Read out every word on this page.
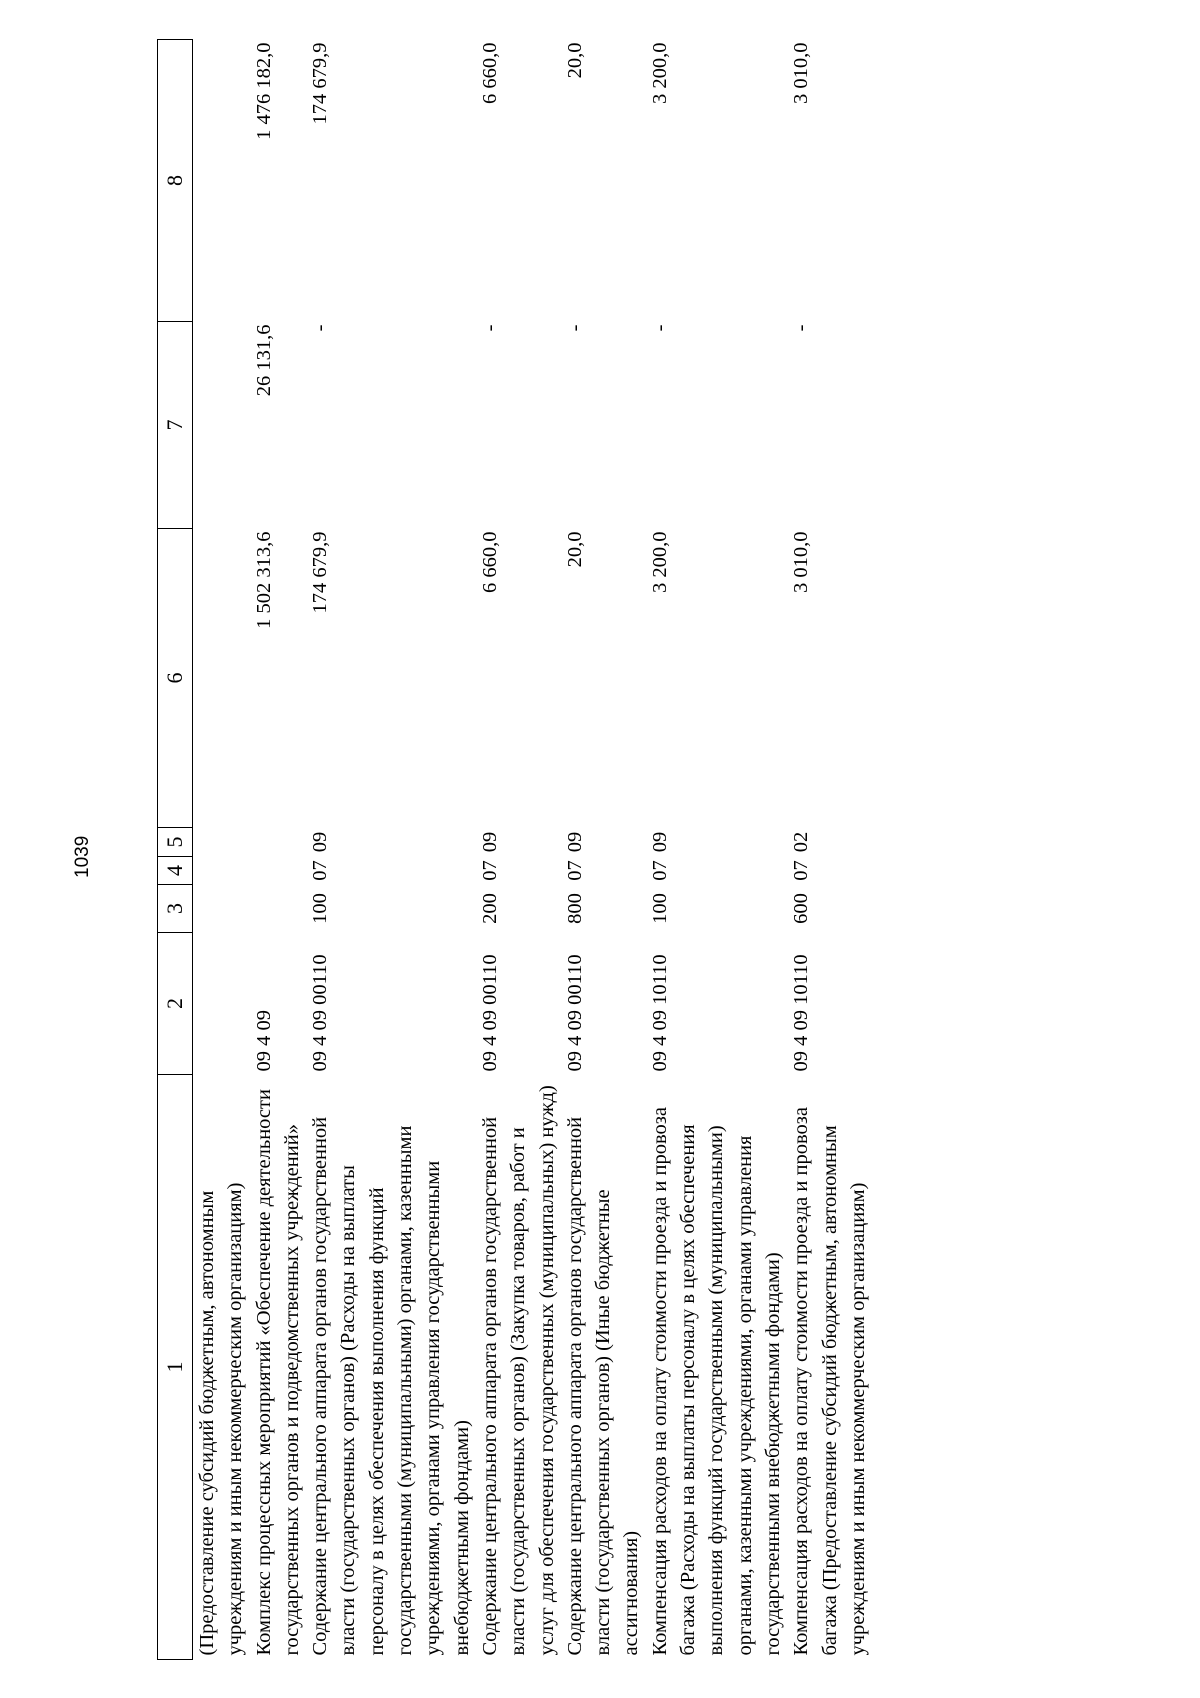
1039
1	2	3	4	5	6	7	8
(Предоставление субсидий бюджетным, автономным учреждениям и иным некоммерческим организациям)							
Комплекс процессных мероприятий «Обеспечение деятельности государственных органов и подведомственных учреждений»	09 4 09				1 502 313,6	26 131,6	1 476 182,0
Содержание центрального аппарата органов государственной власти (государственных органов) (Расходы на выплаты персоналу в целях обеспечения выполнения функций государственными (муниципальными) органами, казенными учреждениями, органами управления государственными внебюджетными фондами)	09 4 09 00110	100	07	09	174 679,9	-	174 679,9
Содержание центрального аппарата органов государственной власти (государственных органов) (Закупка товаров, работ и услуг для обеспечения государственных (муниципальных) нужд)	09 4 09 00110	200	07	09	6 660,0	-	6 660,0
Содержание центрального аппарата органов государственной власти (государственных органов) (Иные бюджетные ассигнования)	09 4 09 00110	800	07	09	20,0	-	20,0
Компенсация расходов на оплату стоимости проезда и провоза багажа (Расходы на выплаты персоналу в целях обеспечения выполнения функций государственными (муниципальными) органами, казенными учреждениями, органами управления государственными внебюджетными фондами)	09 4 09 10110	100	07	09	3 200,0	-	3 200,0
Компенсация расходов на оплату стоимости проезда и провоза багажа (Предоставление субсидий бюджетным, автономным учреждениям и иным некоммерческим организациям)	09 4 09 10110	600	07	02	3 010,0	-	3 010,0
